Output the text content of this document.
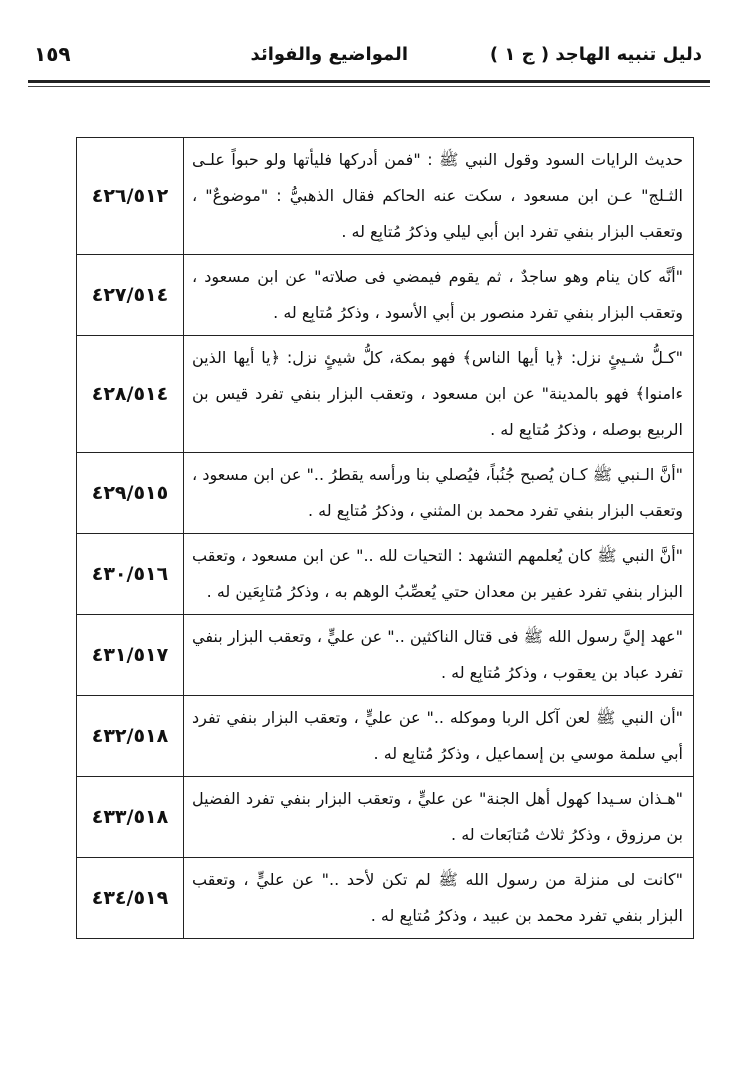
دليل تنبيه الهاجد ( ج ١ )
المواضيع والفوائد
١٥٩
حديث الرايات السود وقول النبي ﷺ : "فمن أدركها فليأتها ولو حبواً علـى الثـلج" عـن ابن مسعود ، سكت عنه الحاكم فقال الذهبيُّ : "موضوعٌ" ، وتعقب البزار بنفي تفرد ابن أبي ليلي وذكرُ مُتابِع له .	٤٢٦/٥١٢
"أنَّه كان ينام وهو ساجدٌ ، ثم يقوم فيمضي فى صلاته" عن ابن مسعود ، وتعقب البزار بنفي تفرد منصور بن أبي الأسود ، وذكرُ مُتابِع له .	٤٢٧/٥١٤
"كـلُّ شـيئٍ نزل: ﴿يا أيها الناس﴾ فهو بمكة، كلُّ شيئٍ نزل: ﴿يا أيها الذين ءامنوا﴾ فهو بالمدينة" عن ابن مسعود ، وتعقب البزار بنفي تفرد قيس بن الربيع بوصله ، وذكرُ مُتابِع له .	٤٢٨/٥١٤
"أنَّ الـنبي ﷺ كـان يُصبح جُنُباً، فيُصلي بنا ورأسه يقطرُ .." عن ابن مسعود ، وتعقب البزار بنفي تفرد محمد بن المثني ، وذكرُ مُتابِع له .	٤٢٩/٥١٥
"أنَّ النبي ﷺ كان يُعلمهم التشهد : التحيات لله .." عن ابن مسعود ، وتعقب البزار بنفي تفرد عفير بن معدان حتي يُعصِّبُ الوهم به ، وذكرُ مُتابِعَين له .	٤٣٠/٥١٦
"عهد إليَّ رسول الله ﷺ فى قتال الناكثين .." عن عليٍّ ، وتعقب البزار بنفي تفرد عباد بن يعقوب ، وذكرُ مُتابِع له .	٤٣١/٥١٧
"أن النبي ﷺ لعن آكل الربا وموكله .." عن عليٍّ ، وتعقب البزار بنفي تفرد أبي سلمة موسي بن إسماعيل ، وذكرُ مُتابِع له .	٤٣٢/٥١٨
"هـذان سـيدا كهول أهل الجنة" عن عليٍّ ، وتعقب البزار بنفي تفرد الفضيل بن مرزوق ، وذكرُ ثلاث مُتابَعات له .	٤٣٣/٥١٨
"كانت لى منزلة من رسول الله ﷺ لم تكن لأحد .." عن عليٍّ ، وتعقب البزار بنفي تفرد محمد بن عبيد ، وذكرُ مُتابِع له .	٤٣٤/٥١٩
